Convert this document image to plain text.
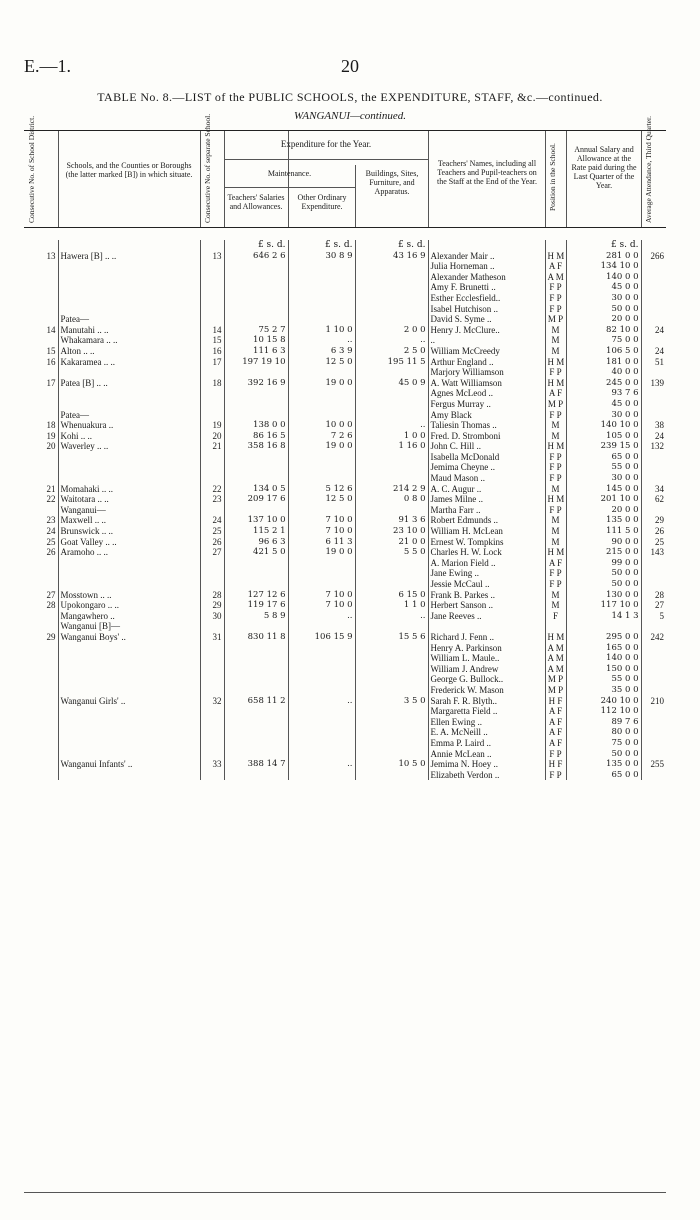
E.—1.	20
TABLE No. 8.—LIST of the PUBLIC SCHOOLS, the EXPENDITURE, STAFF, &c.—continued.
WANGANUI—continued.
Consecutive No. of School District.	Schools, and the Counties or Boroughs (the latter marked [B]) in which situate.	Consecutive No. of separate School.	Expenditure for the Year.
Maintenance.
Teachers' Salaries and Allowances.
Other Ordinary Expenditure.
Buildings, Sites, Furniture, and Apparatus.
Teachers' Names, including all Teachers and Pupil-teachers on the Staff at the End of the Year.	Position in the School.	Annual Salary and Allowance at the Rate paid during the Last Quarter of the Year.	Average Attendance, Third Quarter.
			£ s. d.	£ s. d.	£ s. d.			£ s. d.	
13	Hawera [B] .. ..	13	646 2 6	30 8 9	43 16 9	Alexander Mair ..	H M	281 0 0	266
						Julia Horneman ..	A F	134 10 0	
						Alexander Matheson	A M	140 0 0	
						Amy F. Brunetti ..	F P	45 0 0	
						Esther Ecclesfield..	F P	30 0 0	
						Isabel Hutchison ..	F P	50 0 0	
	Patea—					David S. Syme ..	M P	20 0 0	
14	Manutahi .. ..	14	75 2 7	1 10 0	2 0 0	Henry J. McClure..	M	82 10 0	24
	Whakamara .. ..	15	10 15 8	..	..	..	M	75 0 0	
15	Alton .. ..	16	111 6 3	6 3 9	2 5 0	William McCreedy	M	106 5 0	24
16	Kakaramea .. ..	17	197 19 10	12 5 0	195 11 5	Arthur England ..	H M	181 0 0	51
						Marjory Williamson	F P	40 0 0	
17	Patea [B] .. ..	18	392 16 9	19 0 0	45 0 9	A. Watt Williamson	H M	245 0 0	139
						Agnes McLeod ..	A F	93 7 6	
						Fergus Murray ..	M P	45 0 0	
	Patea—					Amy Black	F P	30 0 0	
18	Whenuakura ..	19	138 0 0	10 0 0	..	Taliesin Thomas ..	M	140 10 0	38
19	Kohi .. ..	20	86 16 5	7 2 6	1 0 0	Fred. D. Stromboni	M	105 0 0	24
20	Waverley .. ..	21	358 16 8	19 0 0	1 16 0	John C. Hill ..	H M	239 15 0	132
						Isabella McDonald	F P	65 0 0	
						Jemima Cheyne ..	F P	55 0 0	
						Maud Mason ..	F P	30 0 0	
21	Momahaki .. ..	22	134 0 5	5 12 6	214 2 9	A. C. Augur ..	M	145 0 0	34
22	Waitotara .. ..	23	209 17 6	12 5 0	0 8 0	James Milne ..	H M	201 10 0	62
	Wanganui—					Martha Farr ..	F P	20 0 0	
23	Maxwell .. ..	24	137 10 0	7 10 0	91 3 6	Robert Edmunds ..	M	135 0 0	29
24	Brunswick .. ..	25	115 2 1	7 10 0	23 10 0	William H. McLean	M	111 5 0	26
25	Goat Valley .. ..	26	96 6 3	6 11 3	21 0 0	Ernest W. Tompkins	M	90 0 0	25
26	Aramoho .. ..	27	421 5 0	19 0 0	5 5 0	Charles H. W. Lock	H M	215 0 0	143
						A. Marion Field ..	A F	99 0 0	
						Jane Ewing ..	F P	50 0 0	
						Jessie McCaul ..	F P	50 0 0	
27	Mosstown .. ..	28	127 12 6	7 10 0	6 15 0	Frank B. Parkes ..	M	130 0 0	28
28	Upokongaro .. ..	29	119 17 6	7 10 0	1 1 0	Herbert Sanson ..	M	117 10 0	27
	Mangawhero ..	30	5 8 9	..	..	Jane Reeves ..	F	14 1 3	5
	Wanganui [B]—								
29	Wanganui Boys' ..	31	830 11 8	106 15 9	15 5 6	Richard J. Fenn ..	H M	295 0 0	242
						Henry A. Parkinson	A M	165 0 0	
						William L. Maule..	A M	140 0 0	
						William J. Andrew	A M	150 0 0	
						George G. Bullock..	M P	55 0 0	
						Frederick W. Mason	M P	35 0 0	
	Wanganui Girls' ..	32	658 11 2	..	3 5 0	Sarah F. R. Blyth..	H F	240 10 0	210
						Margaretta Field ..	A F	112 10 0	
						Ellen Ewing ..	A F	89 7 6	
						E. A. McNeill ..	A F	80 0 0	
						Emma P. Laird ..	A F	75 0 0	
						Annie McLean ..	F P	50 0 0	
	Wanganui Infants' ..	33	388 14 7	..	10 5 0	Jemima N. Hoey ..	H F	135 0 0	255
						Elizabeth Verdon ..	F P	65 0 0	
